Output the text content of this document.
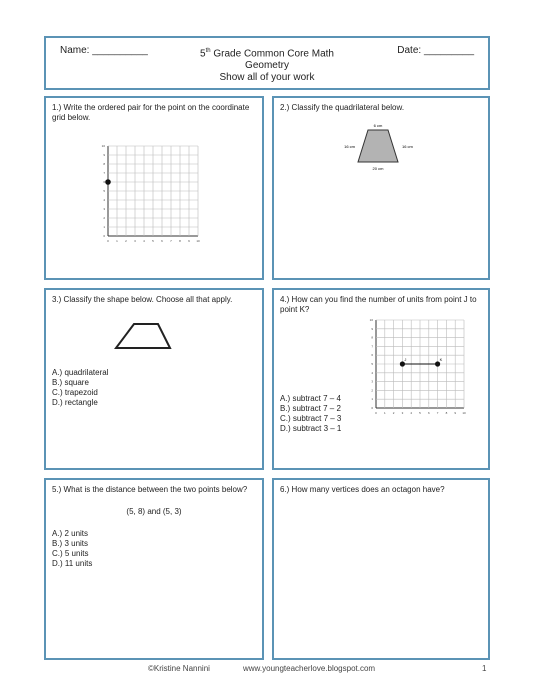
Name: __________	5th Grade Common Core Math
Geometry
Show all of your work
Date: _________
1.) Write the ordered pair for the point on the coordinate grid below.
0
0
1
1
2
2
3
3
4
4
5
5
6
6
7
7
8
8
9
9
10
10
2.) Classify the quadrilateral below.
6 cm
16 cm	16 cm
20 cm
3.) Classify the shape below. Choose all that apply.
A.) quadrilateral
B.) square
C.) trapezoid
D.) rectangle
4.) How can you find the number of units from point J to point K?
0
0
1
1
2
2
3
3
4
4
5
5
6
6
7
7
8
8
9
9
10
10
J	K
A.) subtract 7 – 4
B.) subtract 7 – 2
C.) subtract 7 – 3
D.) subtract 3 – 1
5.) What is the distance between the two points below?
(5, 8) and (5, 3)
A.) 2 units
B.) 3 units
C.) 5 units
D.) 11 units
6.) How many vertices does an octagon have?
©Kristine Nannini	www.youngteacherlove.blogspot.com	1
